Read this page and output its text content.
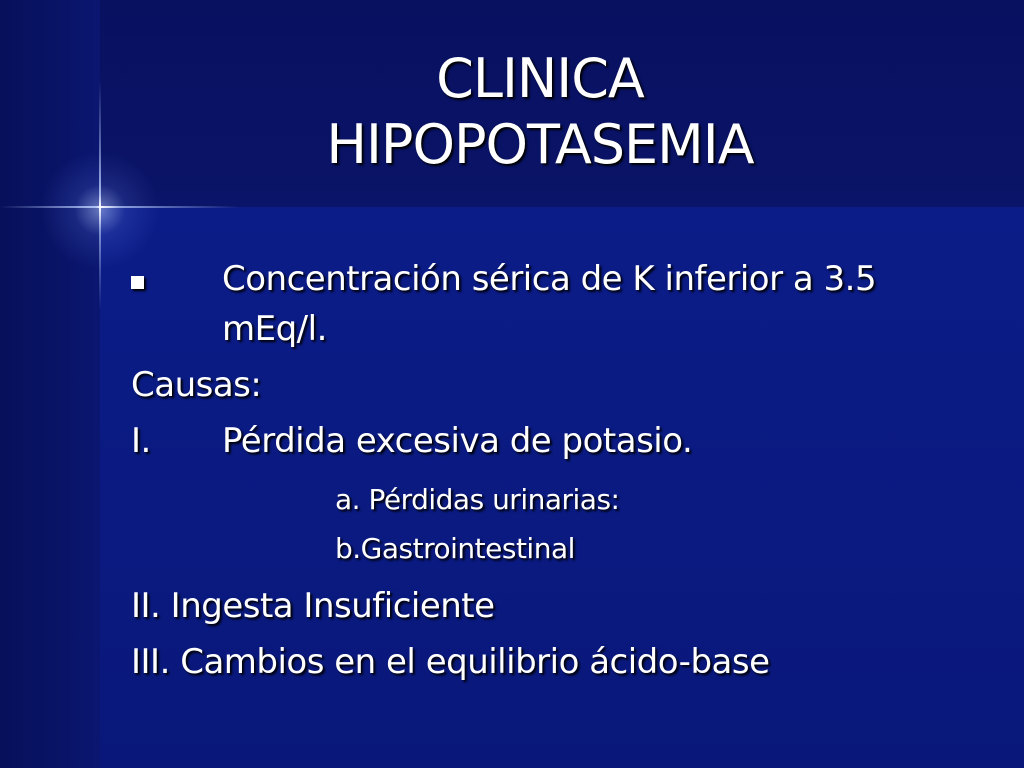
CLINICA
HIPOPOTASEMIA
Concentración sérica de K inferior a 3.5
mEq/l.
Causas:
I. Pérdida excesiva de potasio.
a. Pérdidas urinarias:
b.Gastrointestinal
II. Ingesta Insuficiente
III. Cambios en el equilibrio ácido-base
